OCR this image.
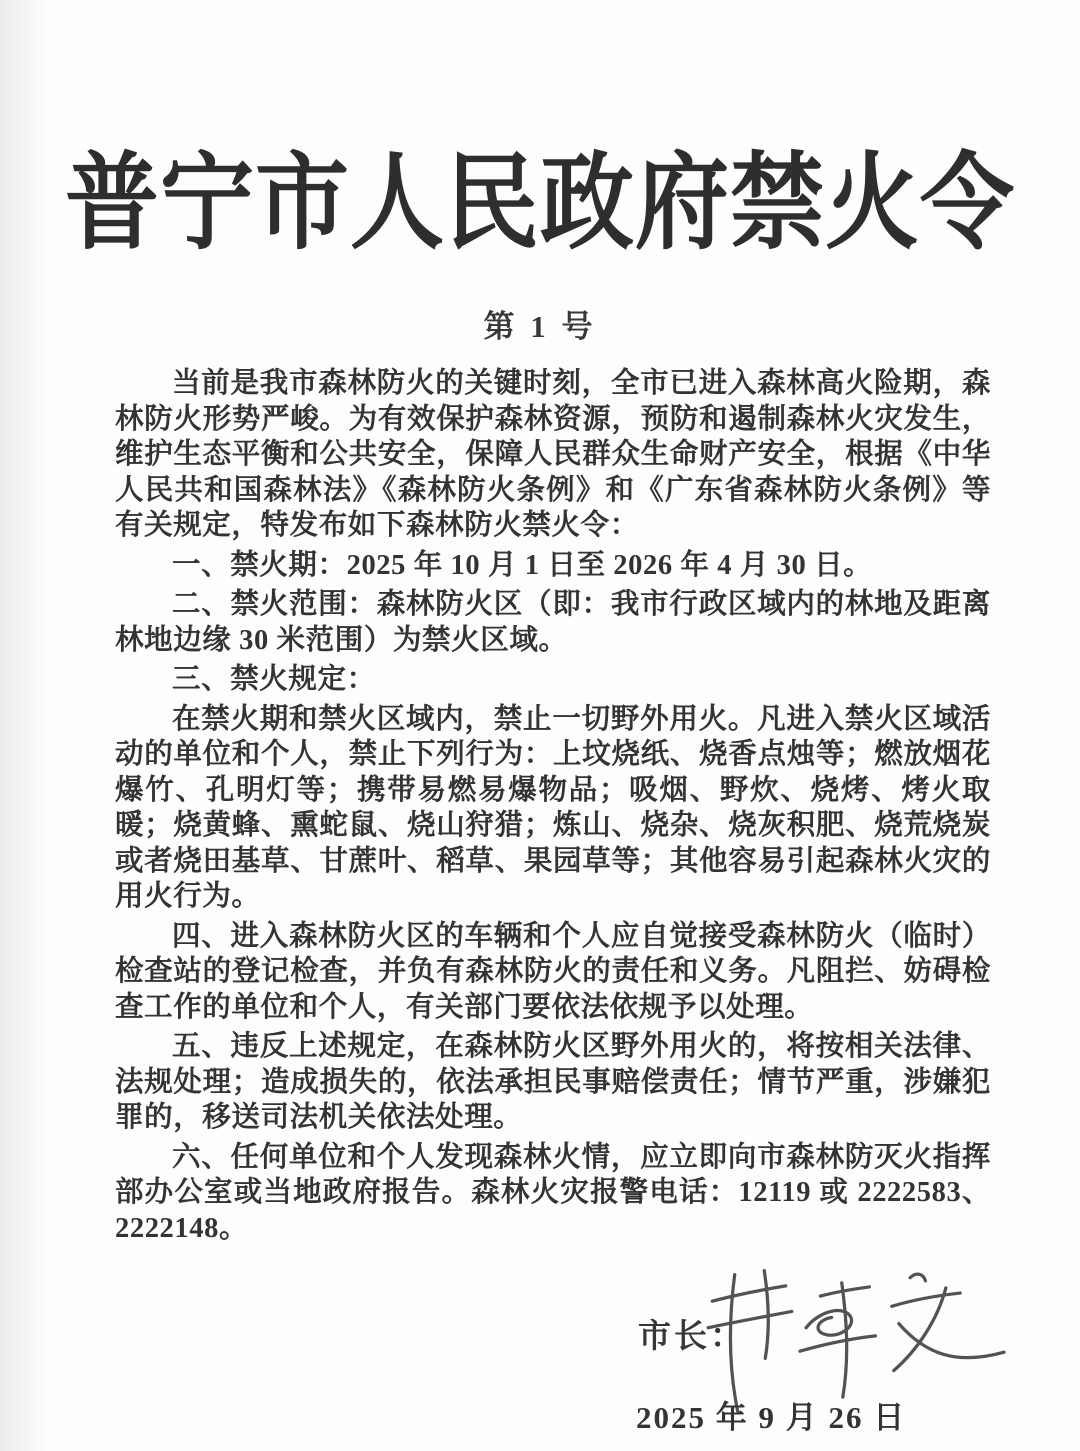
普宁市人民政府禁火令
第 1 号

当前是我市森林防火的关键时刻，全市已进入森林高火险期，森林防火形势严峻。为有效保护森林资源，预防和遏制森林火灾发生，维护生态平衡和公共安全，保障人民群众生命财产安全，根据《中华人民共和国森林法》《森林防火条例》和《广东省森林防火条例》等有关规定，特发布如下森林防火禁火令：

一、禁火期：2025 年 10 月 1 日至 2026 年 4 月 30 日。

二、禁火范围：森林防火区（即：我市行政区域内的林地及距离林地边缘 30 米范围）为禁火区域。

三、禁火规定：

在禁火期和禁火区域内，禁止一切野外用火。凡进入禁火区域活动的单位和个人，禁止下列行为：上坟烧纸、烧香点烛等；燃放烟花爆竹、孔明灯等；携带易燃易爆物品；吸烟、野炊、烧烤、烤火取暖；烧黄蜂、熏蛇鼠、烧山狩猎；炼山、烧杂、烧灰积肥、烧荒烧炭或者烧田基草、甘蔗叶、稻草、果园草等；其他容易引起森林火灾的用火行为。

四、进入森林防火区的车辆和个人应自觉接受森林防火（临时）检查站的登记检查，并负有森林防火的责任和义务。凡阻拦、妨碍检查工作的单位和个人，有关部门要依法依规予以处理。

五、违反上述规定，在森林防火区野外用火的，将按相关法律、法规处理；造成损失的，依法承担民事赔偿责任；情节严重，涉嫌犯罪的，移送司法机关依法处理。

六、任何单位和个人发现森林火情，应立即向市森林防灭火指挥部办公室或当地政府报告。森林火灾报警电话：12119 或 2222583、2222148。

市长：
2025 年 9 月 26 日
